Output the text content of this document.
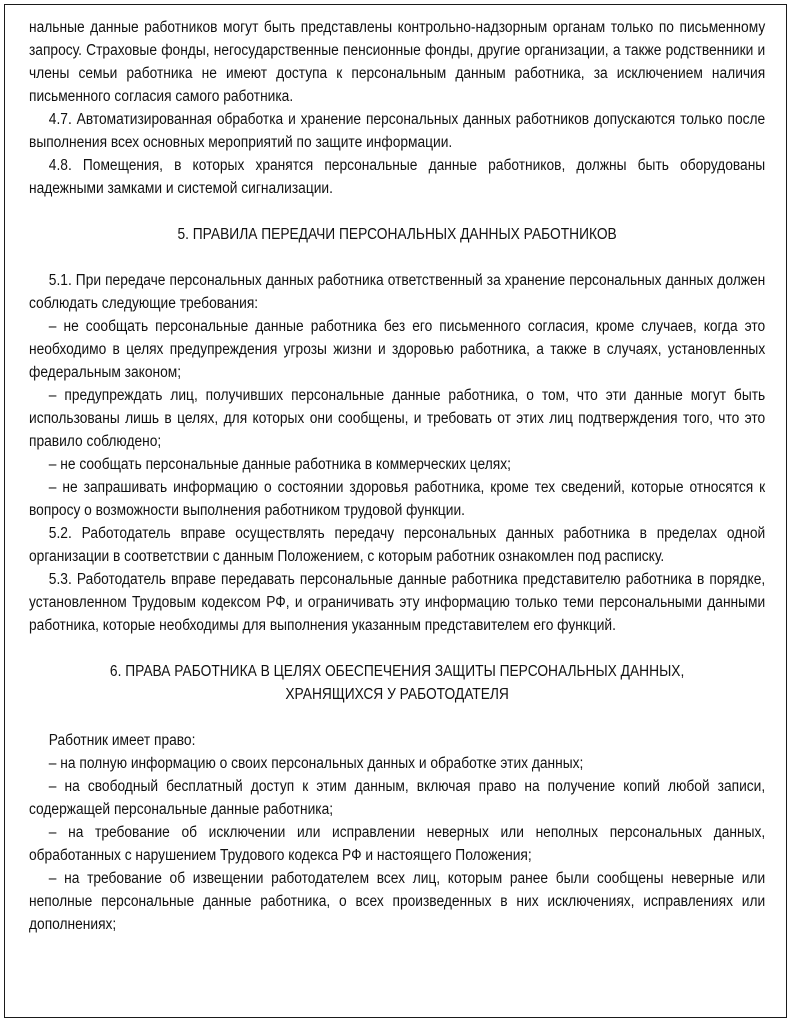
нальные данные работников могут быть представлены контрольно-надзорным органам только по письменному запросу. Страховые фонды, негосударственные пенсионные фонды, другие организации, а также родственники и члены семьи работника не имеют доступа к персональным данным работника, за исключением наличия письменного согласия самого работника.

4.7. Автоматизированная обработка и хранение персональных данных работников допускаются только после выполнения всех основных мероприятий по защите информации.

4.8. Помещения, в которых хранятся персональные данные работников, должны быть оборудованы надежными замками и системой сигнализации.

5. ПРАВИЛА ПЕРЕДАЧИ ПЕРСОНАЛЬНЫХ ДАННЫХ РАБОТНИКОВ

5.1. При передаче персональных данных работника ответственный за хранение персональных данных должен соблюдать следующие требования:

– не сообщать персональные данные работника без его письменного согласия, кроме случаев, когда это необходимо в целях предупреждения угрозы жизни и здоровью работника, а также в случаях, установленных федеральным законом;

– предупреждать лиц, получивших персональные данные работника, о том, что эти данные могут быть использованы лишь в целях, для которых они сообщены, и требовать от этих лиц подтверждения того, что это правило соблюдено;

– не сообщать персональные данные работника в коммерческих целях;

– не запрашивать информацию о состоянии здоровья работника, кроме тех сведений, которые относятся к вопросу о возможности выполнения работником трудовой функции.

5.2. Работодатель вправе осуществлять передачу персональных данных работника в пределах одной организации в соответствии с данным Положением, с которым работник ознакомлен под расписку.

5.3. Работодатель вправе передавать персональные данные работника представителю работника в порядке, установленном Трудовым кодексом РФ, и ограничивать эту информацию только теми персональными данными работника, которые необходимы для выполнения указанным представителем его функций.

6. ПРАВА РАБОТНИКА В ЦЕЛЯХ ОБЕСПЕЧЕНИЯ ЗАЩИТЫ ПЕРСОНАЛЬНЫХ ДАННЫХ,

ХРАНЯЩИХСЯ У РАБОТОДАТЕЛЯ

Работник имеет право:

– на полную информацию о своих персональных данных и обработке этих данных;

– на свободный бесплатный доступ к этим данным, включая право на получение копий любой записи, содержащей персональные данные работника;

– на требование об исключении или исправлении неверных или неполных персональных данных, обработанных с нарушением Трудового кодекса РФ и настоящего Положения;

– на требование об извещении работодателем всех лиц, которым ранее были сообщены неверные или неполные персональные данные работника, о всех произведенных в них исключениях, исправлениях или дополнениях;
